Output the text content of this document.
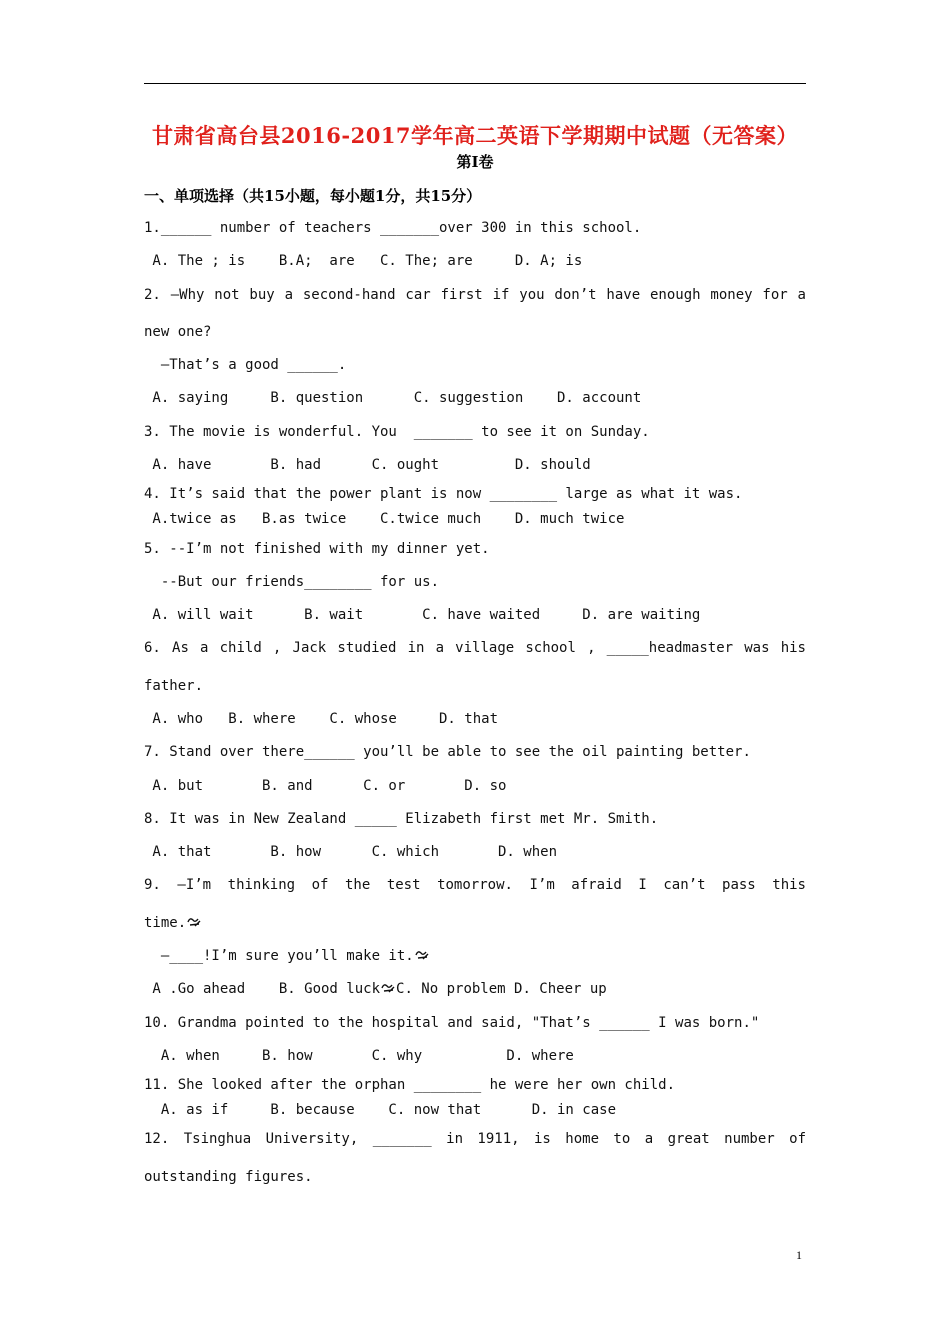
甘肃省高台县2016-2017学年高二英语下学期期中试题（无答案）
第Ⅰ卷
一、单项选择（共15小题，每小题1分，共15分）
1.______ number of teachers _______over 300 in this school.
A. The ; is    B.A;  are   C. The; are     D. A; is
2. —Why not buy a second-hand car first if you don’t have enough money for a
new one?
—That’s a good ______.
A. saying     B. question      C. suggestion    D. account
3. The movie is wonderful. You  _______ to see it on Sunday.
A. have       B. had      C. ought         D. should
4. It’s said that the power plant is now ________ large as what it was.
A.twice as   B.as twice    C.twice much    D. much twice
5. --I’m not finished with my dinner yet.
--But our friends________ for us.
A. will wait      B. wait       C. have waited     D. are waiting
6. As a child , Jack studied in a village school , _____headmaster was his
father.
A. who   B. where    C. whose     D. that
7. Stand over there______ you’ll be able to see the oil painting better.
A. but       B. and      C. or       D. so
8. It was in New Zealand _____ Elizabeth first met Mr. Smith.
A. that       B. how      C. which       D. when
9. —I’m thinking of the test tomorrow. I’m afraid I can’t pass this
time.
—____!I’m sure you’ll make it.
A .Go ahead    B. Good luck C. No problem D. Cheer up
10. Grandma pointed to the hospital and said, "That’s ______ I was born."
A. when     B. how       C. why          D. where
11. She looked after the orphan ________ he were her own child.
A. as if     B. because    C. now that      D. in case
12. Tsinghua University, _______ in 1911, is home to a great number of
outstanding figures.
1
